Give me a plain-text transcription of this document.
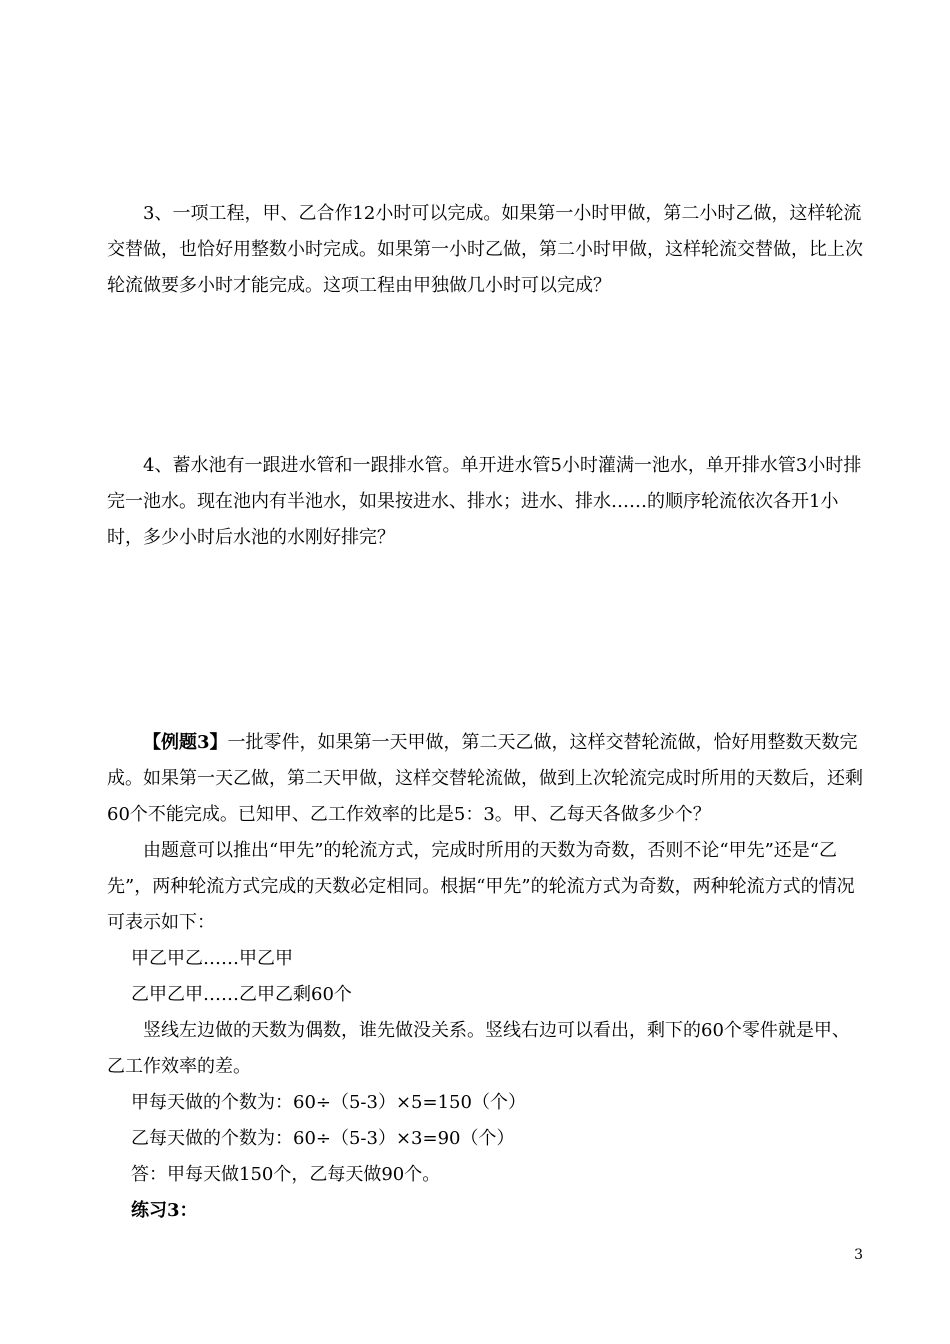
3、一项工程，甲、乙合作12小时可以完成。如果第一小时甲做，第二小时乙做，这样轮流交替做，也恰好用整数小时完成。如果第一小时乙做，第二小时甲做，这样轮流交替做，比上次轮流做要多小时才能完成。这项工程由甲独做几小时可以完成？

4、蓄水池有一跟进水管和一跟排水管。单开进水管5小时灌满一池水，单开排水管3小时排完一池水。现在池内有半池水，如果按进水、排水；进水、排水……的顺序轮流依次各开1小时，多少小时后水池的水刚好排完？

【例题3】一批零件，如果第一天甲做，第二天乙做，这样交替轮流做，恰好用整数天数完成。如果第一天乙做，第二天甲做，这样交替轮流做，做到上次轮流完成时所用的天数后，还剩60个不能完成。已知甲、乙工作效率的比是5：3。甲、乙每天各做多少个？

由题意可以推出“甲先”的轮流方式，完成时所用的天数为奇数，否则不论“甲先”还是“乙先”，两种轮流方式完成的天数必定相同。根据“甲先”的轮流方式为奇数，两种轮流方式的情况可表示如下：

甲乙甲乙……甲乙甲

乙甲乙甲……乙甲乙剩60个

竖线左边做的天数为偶数，谁先做没关系。竖线右边可以看出，剩下的60个零件就是甲、乙工作效率的差。

甲每天做的个数为：60÷（5-3）×5=150（个）

乙每天做的个数为：60÷（5-3）×3=90（个）

答：甲每天做150个，乙每天做90个。

练习3：

3
